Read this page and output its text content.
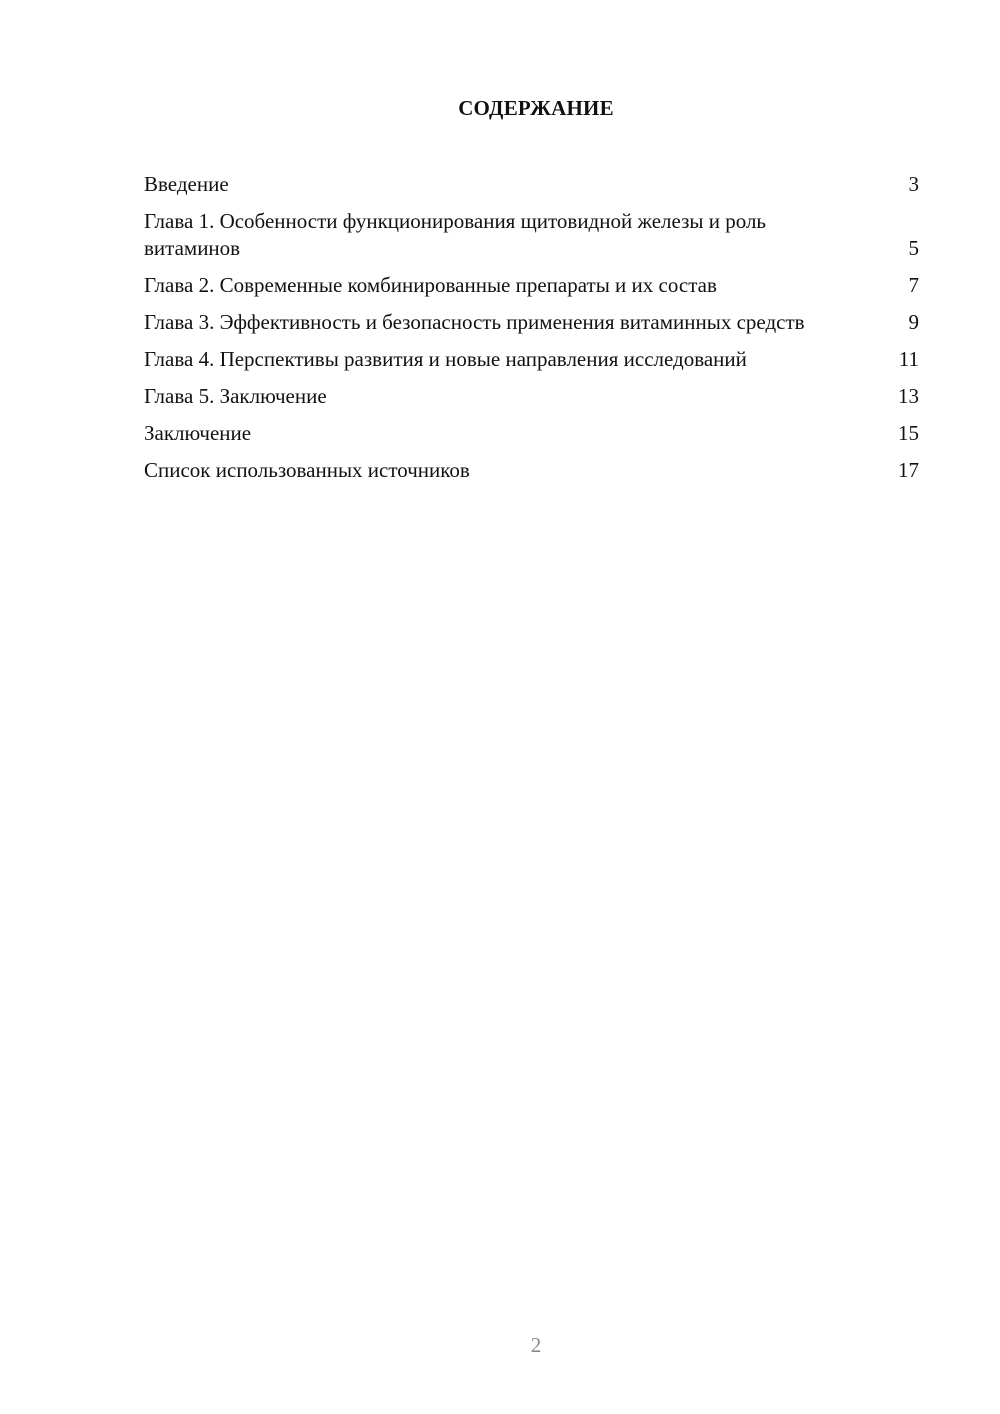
СОДЕРЖАНИЕ
Введение	3
Глава 1. Особенности функционирования щитовидной железы и роль витаминов	5
Глава 2. Современные комбинированные препараты и их состав	7
Глава 3. Эффективность и безопасность применения витаминных средств	9
Глава 4. Перспективы развития и новые направления исследований	11
Глава 5. Заключение	13
Заключение	15
Список использованных источников	17
2
